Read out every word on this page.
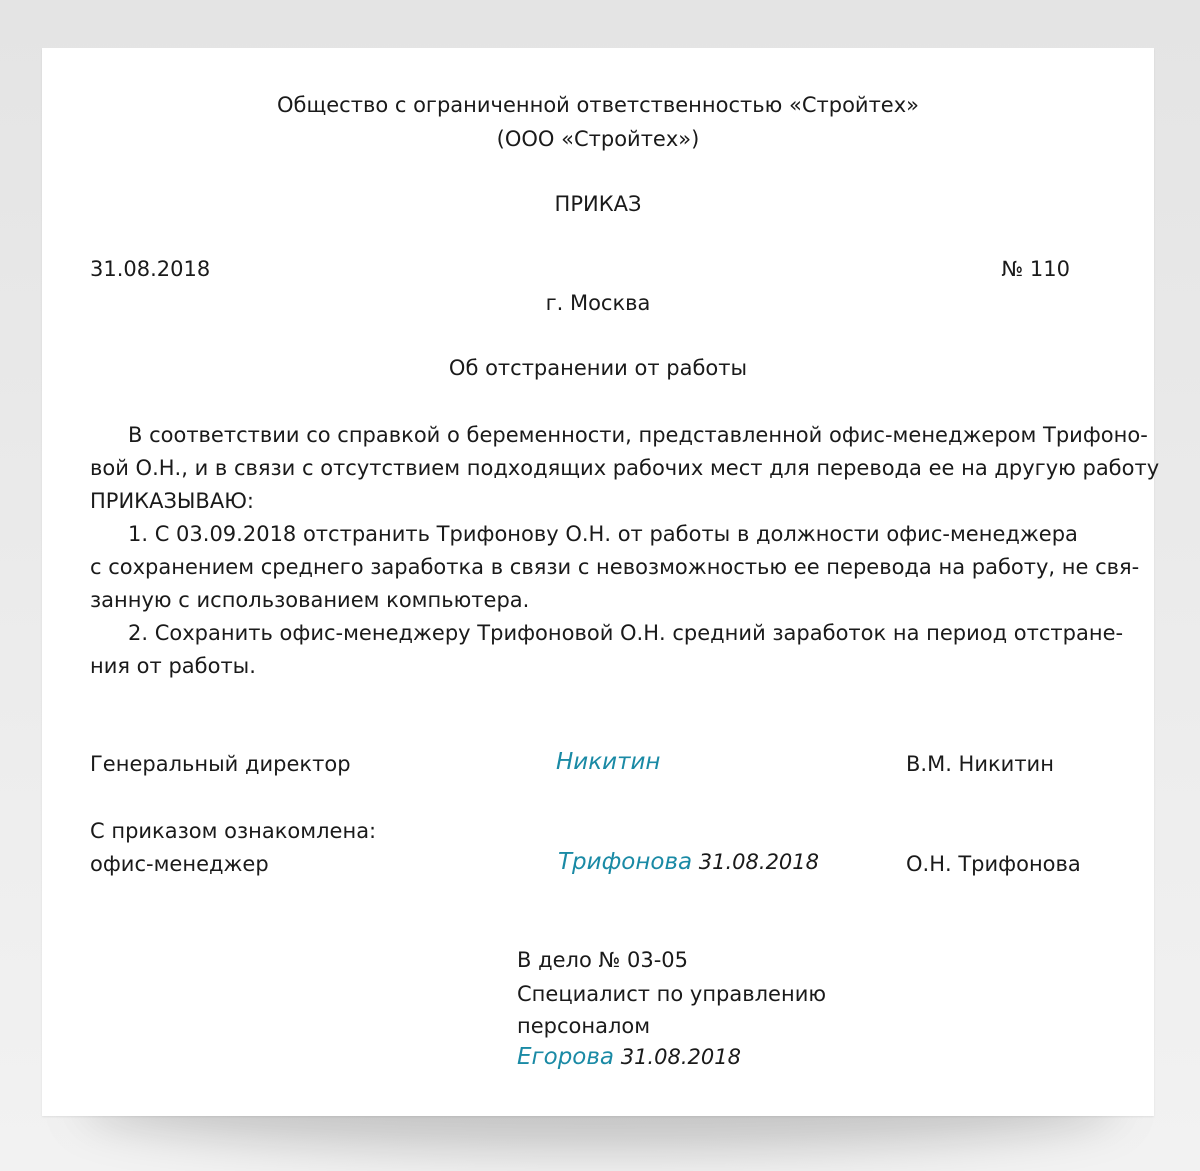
Общество с ограниченной ответственностью «Стройтех»
(ООО «Стройтех»)
ПРИКАЗ
31.08.2018	№ 110
г. Москва
Об отстранении от работы
В соответствии со справкой о беременности, представленной офис-менеджером Трифоно-
вой О.Н., и в связи с отсутствием подходящих рабочих мест для перевода ее на другую работу
ПРИКАЗЫВАЮ:
1. С 03.09.2018 отстранить Трифонову О.Н. от работы в должности офис-менеджера
с сохранением среднего заработка в связи с невозможностью ее перевода на работу, не свя-
занную с использованием компьютера.
2. Сохранить офис-менеджеру Трифоновой О.Н. средний заработок на период отстране-
ния от работы.
Генеральный директор	Никитин	В.М. Никитин
С приказом ознакомлена:
офис-менеджер	Трифонова 31.08.2018	О.Н. Трифонова
В дело № 03-05
Специалист по управлению
персоналом
Егорова 31.08.2018
